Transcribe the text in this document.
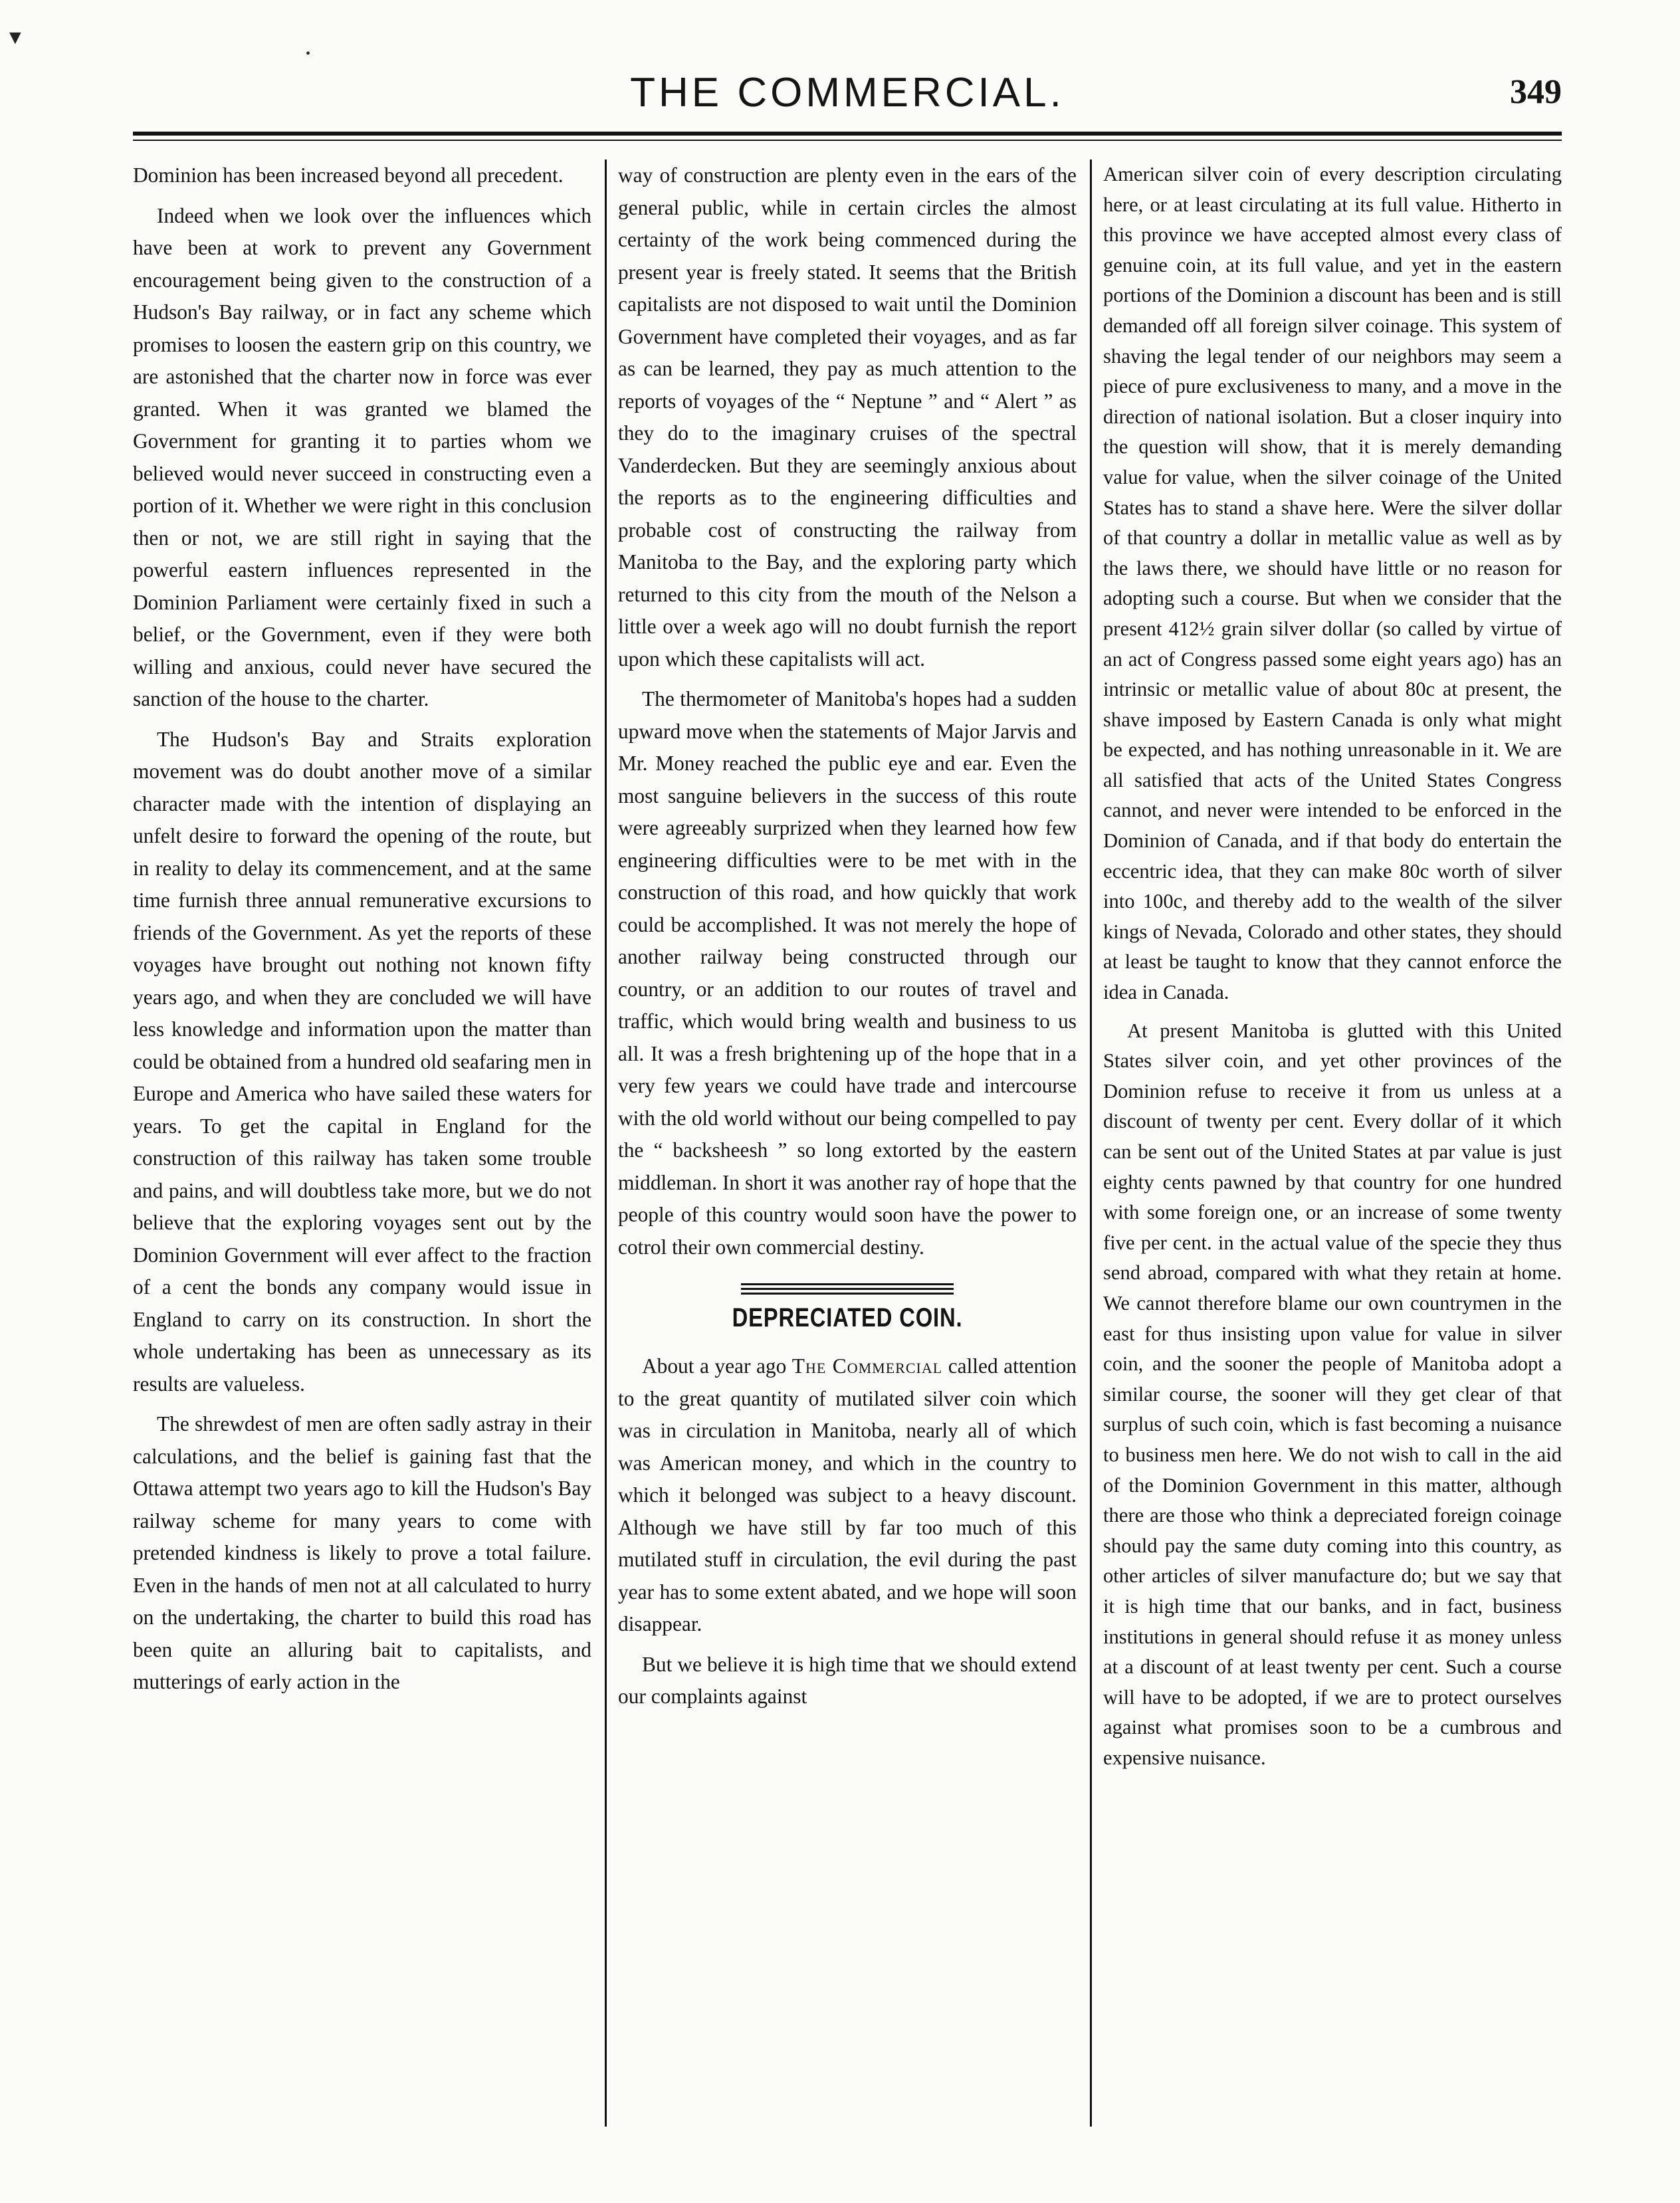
▼
•
THE COMMERCIAL.	349

Dominion has been increased beyond all precedent.

Indeed when we look over the influences which have been at work to prevent any Government encouragement being given to the construction of a Hudson's Bay railway, or in fact any scheme which promises to loosen the eastern grip on this country, we are astonished that the charter now in force was ever granted. When it was granted we blamed the Government for granting it to parties whom we believed would never succeed in constructing even a portion of it. Whether we were right in this conclusion then or not, we are still right in saying that the powerful eastern influences represented in the Dominion Parliament were certainly fixed in such a belief, or the Government, even if they were both willing and anxious, could never have secured the sanction of the house to the charter.

The Hudson's Bay and Straits exploration movement was do doubt another move of a similar character made with the intention of displaying an unfelt desire to forward the opening of the route, but in reality to delay its commencement, and at the same time furnish three annual remunerative excursions to friends of the Government. As yet the reports of these voyages have brought out nothing not known fifty years ago, and when they are concluded we will have less knowledge and information upon the matter than could be obtained from a hundred old seafaring men in Europe and America who have sailed these waters for years. To get the capital in England for the construction of this railway has taken some trouble and pains, and will doubtless take more, but we do not believe that the exploring voyages sent out by the Dominion Government will ever affect to the fraction of a cent the bonds any company would issue in England to carry on its construction. In short the whole undertaking has been as unnecessary as its results are valueless.

The shrewdest of men are often sadly astray in their calculations, and the belief is gaining fast that the Ottawa attempt two years ago to kill the Hudson's Bay railway scheme for many years to come with pretended kindness is likely to prove a total failure. Even in the hands of men not at all calculated to hurry on the undertaking, the charter to build this road has been quite an alluring bait to capitalists, and mutterings of early action in the

way of construction are plenty even in the ears of the general public, while in certain circles the almost certainty of the work being commenced during the present year is freely stated. It seems that the British capitalists are not disposed to wait until the Dominion Government have completed their voyages, and as far as can be learned, they pay as much attention to the reports of voyages of the “ Neptune ” and “ Alert ” as they do to the imaginary cruises of the spectral Vanderdecken. But they are seemingly anxious about the reports as to the engineering difficulties and probable cost of constructing the railway from Manitoba to the Bay, and the exploring party which returned to this city from the mouth of the Nelson a little over a week ago will no doubt furnish the report upon which these capitalists will act.

The thermometer of Manitoba's hopes had a sudden upward move when the statements of Major Jarvis and Mr. Money reached the public eye and ear. Even the most sanguine believers in the success of this route were agreeably surprized when they learned how few engineering difficulties were to be met with in the construction of this road, and how quickly that work could be accomplished. It was not merely the hope of another railway being constructed through our country, or an addition to our routes of travel and traffic, which would bring wealth and business to us all. It was a fresh brightening up of the hope that in a very few years we could have trade and intercourse with the old world without our being compelled to pay the “ backsheesh ” so long extorted by the eastern middleman. In short it was another ray of hope that the people of this country would soon have the power to cotrol their own commercial destiny.

DEPRECIATED COIN.

About a year ago The Commercial called attention to the great quantity of mutilated silver coin which was in circulation in Manitoba, nearly all of which was American money, and which in the country to which it belonged was subject to a heavy discount. Although we have still by far too much of this mutilated stuff in circulation, the evil during the past year has to some extent abated, and we hope will soon disappear.

But we believe it is high time that we should extend our complaints against

American silver coin of every description circulating here, or at least circulating at its full value. Hitherto in this province we have accepted almost every class of genuine coin, at its full value, and yet in the eastern portions of the Dominion a discount has been and is still demanded off all foreign silver coinage. This system of shaving the legal tender of our neighbors may seem a piece of pure exclusiveness to many, and a move in the direction of national isolation. But a closer inquiry into the question will show, that it is merely demanding value for value, when the silver coinage of the United States has to stand a shave here. Were the silver dollar of that country a dollar in metallic value as well as by the laws there, we should have little or no reason for adopting such a course. But when we consider that the present 412½ grain silver dollar (so called by virtue of an act of Congress passed some eight years ago) has an intrinsic or metallic value of about 80c at present, the shave imposed by Eastern Canada is only what might be expected, and has nothing unreasonable in it. We are all satisfied that acts of the United States Congress cannot, and never were intended to be enforced in the Dominion of Canada, and if that body do entertain the eccentric idea, that they can make 80c worth of silver into 100c, and thereby add to the wealth of the silver kings of Nevada, Colorado and other states, they should at least be taught to know that they cannot enforce the idea in Canada.

At present Manitoba is glutted with this United States silver coin, and yet other provinces of the Dominion refuse to receive it from us unless at a discount of twenty per cent. Every dollar of it which can be sent out of the United States at par value is just eighty cents pawned by that country for one hundred with some foreign one, or an increase of some twenty five per cent. in the actual value of the specie they thus send abroad, compared with what they retain at home. We cannot therefore blame our own countrymen in the east for thus insisting upon value for value in silver coin, and the sooner the people of Manitoba adopt a similar course, the sooner will they get clear of that surplus of such coin, which is fast becoming a nuisance to business men here. We do not wish to call in the aid of the Dominion Government in this matter, although there are those who think a depreciated foreign coinage should pay the same duty coming into this country, as other articles of silver manufacture do; but we say that it is high time that our banks, and in fact, business institutions in general should refuse it as money unless at a discount of at least twenty per cent. Such a course will have to be adopted, if we are to protect ourselves against what promises soon to be a cumbrous and expensive nuisance.
